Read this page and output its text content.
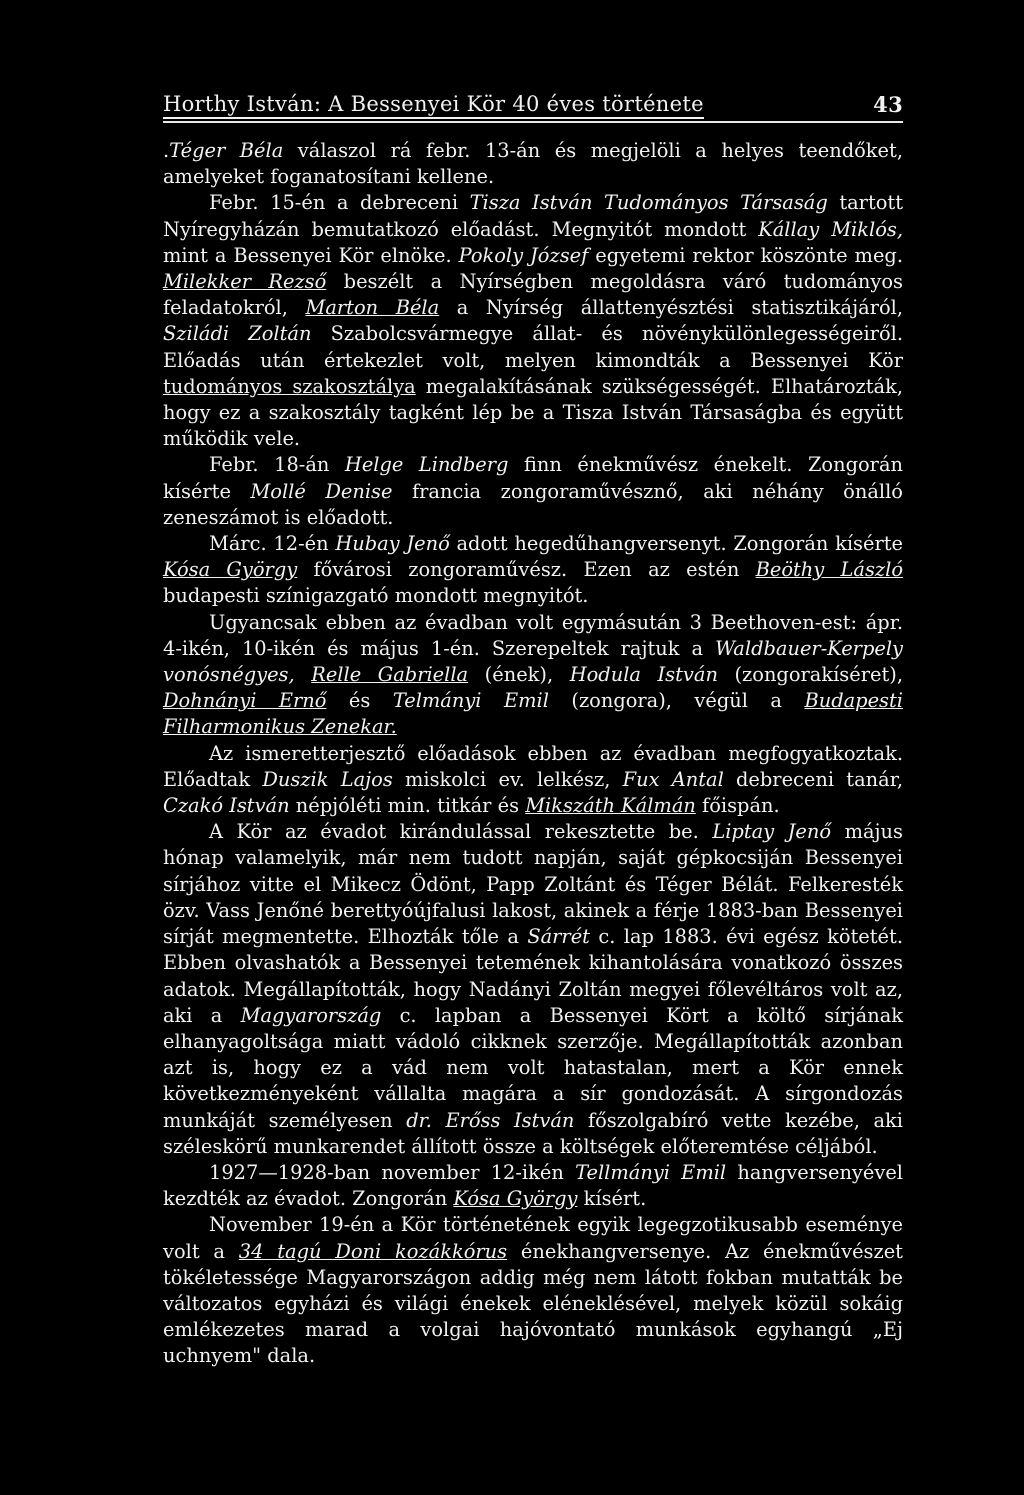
Horthy István: A Bessenyei Kör 40 éves története	43

.Téger Béla válaszol rá febr. 13-án és megjelöli a helyes teendőket, amelyeket foganatosítani kellene.

Febr. 15-én a debreceni Tisza István Tudományos Társaság tartott Nyíregyházán bemutatkozó előadást. Megnyitót mondott Kállay Miklós, mint a Bessenyei Kör elnöke. Pokoly József egyetemi rektor köszönte meg. Milekker Rezső beszélt a Nyírségben megoldásra váró tudományos feladatokról, Marton Béla a Nyírség állattenyésztési statisztikájáról, Sziládi Zoltán Szabolcsvármegye állat- és növénykülönlegességeiről. Előadás után értekezlet volt, melyen kimondták a Bessenyei Kör tudományos szakosztálya megalakításának szükségességét. Elhatározták, hogy ez a szakosztály tagként lép be a Tisza István Társaságba és együtt működik vele.

Febr. 18-án Helge Lindberg finn énekművész énekelt. Zongorán kísérte Mollé Denise francia zongoraművésznő, aki néhány önálló zeneszámot is előadott.

Márc. 12-én Hubay Jenő adott hegedűhangversenyt. Zongorán kísérte Kósa György fővárosi zongoraművész. Ezen az estén Beöthy László budapesti színigazgató mondott megnyitót.

Ugyancsak ebben az évadban volt egymásután 3 Beethoven-est: ápr. 4-ikén, 10-ikén és május 1-én. Szerepeltek rajtuk a Waldbauer-Kerpely vonósnégyes, Relle Gabriella (ének), Hodula István (zongorakíséret), Dohnányi Ernő és Telmányi Emil (zongora), végül a Budapesti Filharmonikus Zenekar.

Az ismeretterjesztő előadások ebben az évadban megfogyatkoztak. Előadtak Duszik Lajos miskolci ev. lelkész, Fux Antal debreceni tanár, Czakó István népjóléti min. titkár és Mikszáth Kálmán főispán.

A Kör az évadot kirándulással rekesztette be. Liptay Jenő május hónap valamelyik, már nem tudott napján, saját gépkocsiján Bessenyei sírjához vitte el Mikecz Ödönt, Papp Zoltánt és Téger Bélát. Felkeresték özv. Vass Jenőné berettyóújfalusi lakost, akinek a férje 1883-ban Bessenyei sírját megmentette. Elhozták tőle a Sárrét c. lap 1883. évi egész kötetét. Ebben olvashatók a Bessenyei tetemének kihantolására vonatkozó összes adatok. Megállapították, hogy Nadányi Zoltán megyei főlevéltáros volt az, aki a Magyarország c. lapban a Bessenyei Kört a költő sírjának elhanyagoltsága miatt vádoló cikknek szerzője. Megállapították azonban azt is, hogy ez a vád nem volt hatastalan, mert a Kör ennek következményeként vállalta magára a sír gondozását. A sírgondozás munkáját személyesen dr. Erőss István főszolgabíró vette kezébe, aki széleskörű munkarendet állított össze a költségek előteremtése céljából.

1927—1928-ban november 12-ikén Tellmányi Emil hangversenyével kezdték az évadot. Zongorán Kósa György kísért.

November 19-én a Kör történetének egyik legegzotikusabb eseménye volt a 34 tagú Doni kozákkórus énekhangversenye. Az énekművészet tökéletessége Magyarországon addig még nem látott fokban mutatták be változatos egyházi és világi énekek eléneklésével, melyek közül sokáig emlékezetes marad a volgai hajóvontató munkások egyhangú „Ej uchnyem" dala.
